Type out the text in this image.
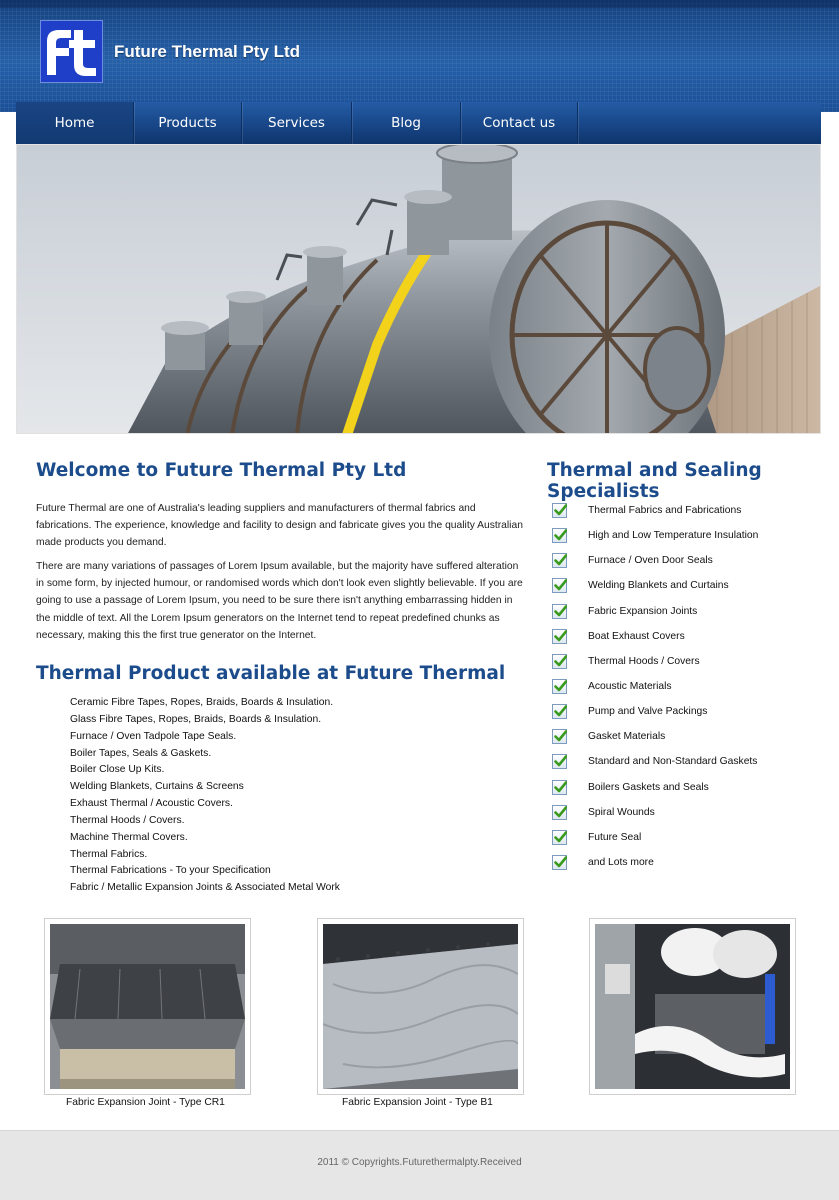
Future Thermal Pty Ltd
Home	Products	Services	Blog	Contact us
Welcome to Future Thermal Pty Ltd

Future Thermal are one of Australia's leading suppliers and manufacturers of thermal fabrics and fabrications. The experience, knowledge and facility to design and fabricate gives you the quality Australian made products you demand.

There are many variations of passages of Lorem Ipsum available, but the majority have suffered alteration in some form, by injected humour, or randomised words which don't look even slightly believable. If you are going to use a passage of Lorem Ipsum, you need to be sure there isn't anything embarrassing hidden in the middle of text. All the Lorem Ipsum generators on the Internet tend to repeat predefined chunks as necessary, making this the first true generator on the Internet.

Thermal Product available at Future Thermal
Ceramic Fibre Tapes, Ropes, Braids, Boards & Insulation.
Glass Fibre Tapes, Ropes, Braids, Boards & Insulation.
Furnace / Oven Tadpole Tape Seals.
Boiler Tapes, Seals & Gaskets.
Boiler Close Up Kits.
Welding Blankets, Curtains & Screens
Exhaust Thermal / Acoustic Covers.
Thermal Hoods / Covers.
Machine Thermal Covers.
Thermal Fabrics.
Thermal Fabrications - To your Specification
Fabric / Metallic Expansion Joints & Associated Metal Work
Thermal and Sealing Specialists
Thermal Fabrics and Fabrications
High and Low Temperature Insulation
Furnace / Oven Door Seals
Welding Blankets and Curtains
Fabric Expansion Joints
Boat Exhaust Covers
Thermal Hoods / Covers
Acoustic Materials
Pump and Valve Packings
Gasket Materials
Standard and Non-Standard Gaskets
Boilers Gaskets and Seals
Spiral Wounds
Future Seal
and Lots more
Fabric Expansion Joint - Type CR1	Fabric Expansion Joint - Type B1
2011 © Copyrights.Futurethermalpty.Received
